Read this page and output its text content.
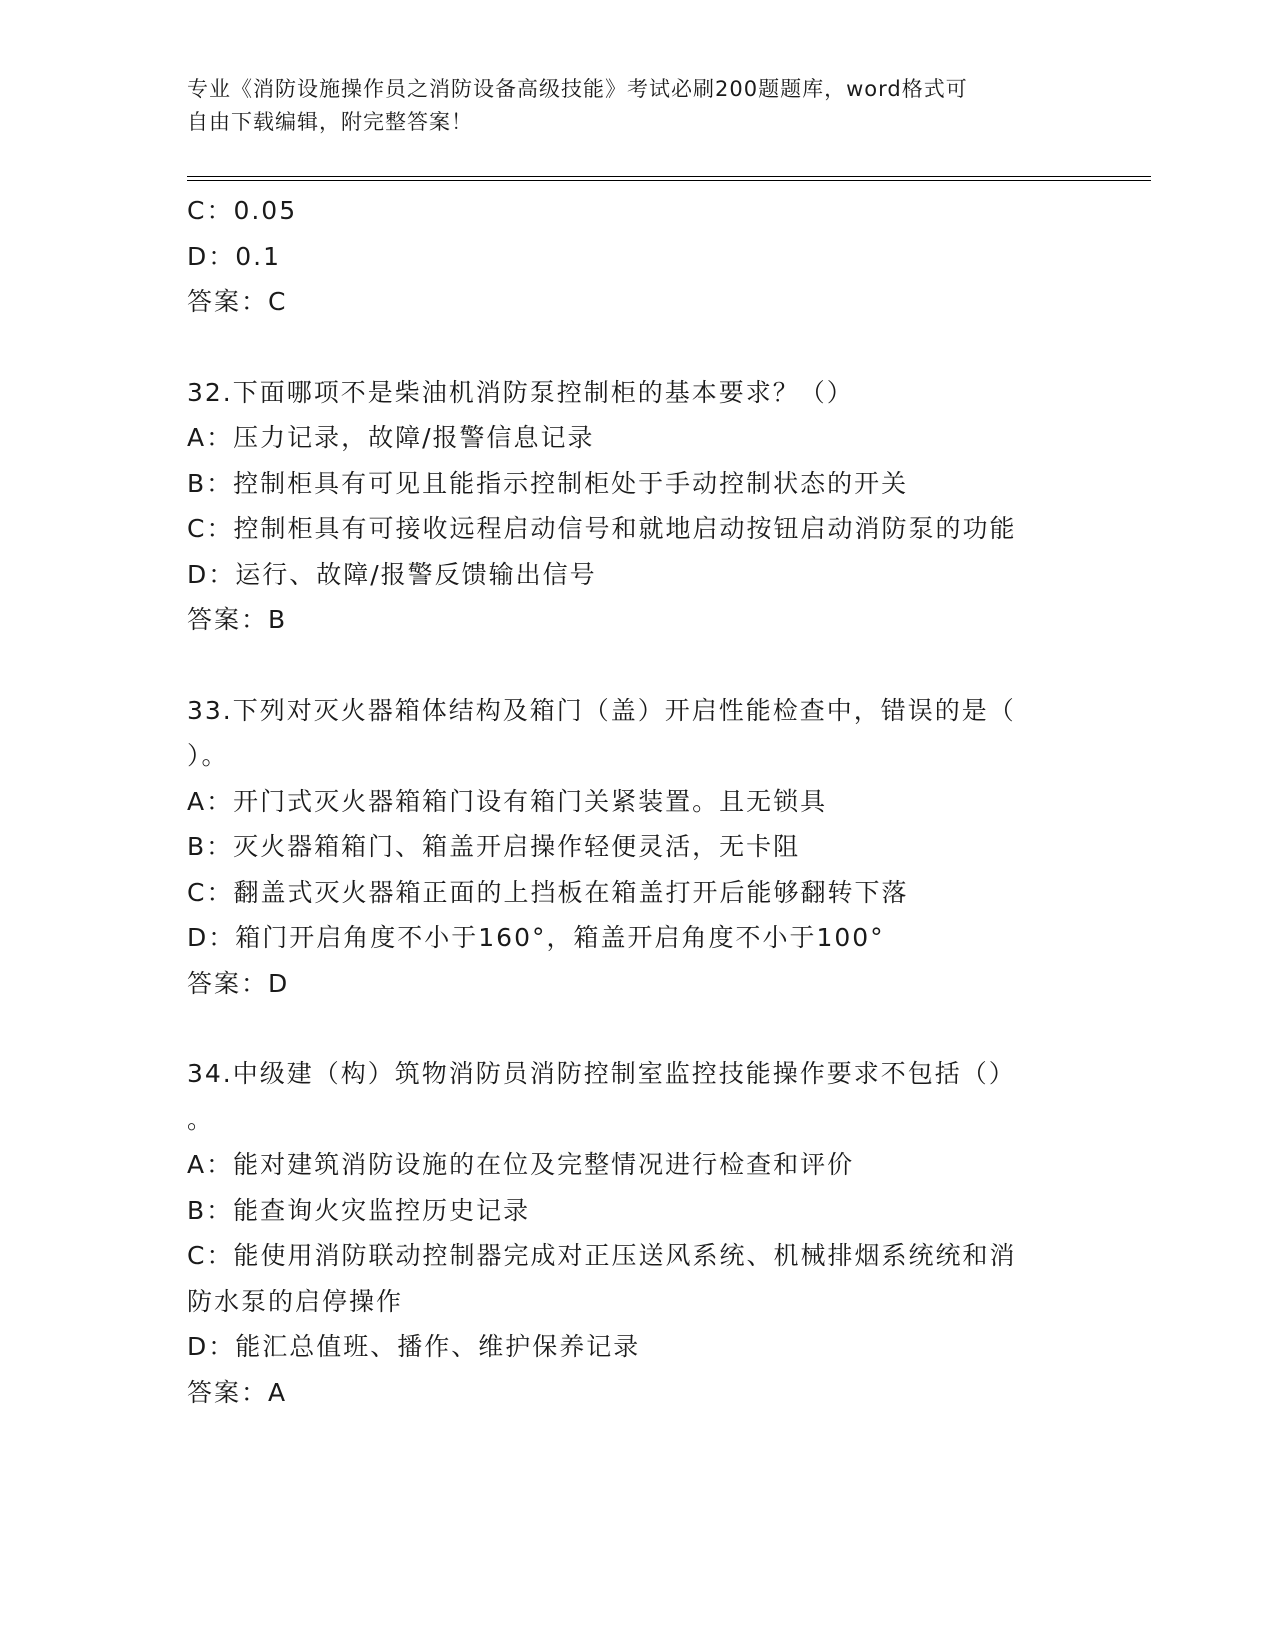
专业《消防设施操作员之消防设备高级技能》考试必刷200题题库，word格式可
自由下载编辑，附完整答案！
C：0.05
D：0.1
答案：C
32.下面哪项不是柴油机消防泵控制柜的基本要求？（）
A：压力记录，故障/报警信息记录
B：控制柜具有可见且能指示控制柜处于手动控制状态的开关
C：控制柜具有可接收远程启动信号和就地启动按钮启动消防泵的功能
D：运行、故障/报警反馈输出信号
答案：B
33.下列对灭火器箱体结构及箱门（盖）开启性能检查中，错误的是（
）。
A：开门式灭火器箱箱门设有箱门关紧装置。且无锁具
B：灭火器箱箱门、箱盖开启操作轻便灵活，无卡阻
C：翻盖式灭火器箱正面的上挡板在箱盖打开后能够翻转下落
D：箱门开启角度不小于160°，箱盖开启角度不小于100°
答案：D
34.中级建（构）筑物消防员消防控制室监控技能操作要求不包括（）
。
A：能对建筑消防设施的在位及完整情况进行检查和评价
B：能查询火灾监控历史记录
C：能使用消防联动控制器完成对正压送风系统、机械排烟系统统和消
防水泵的启停操作
D：能汇总值班、播作、维护保养记录
答案：A
